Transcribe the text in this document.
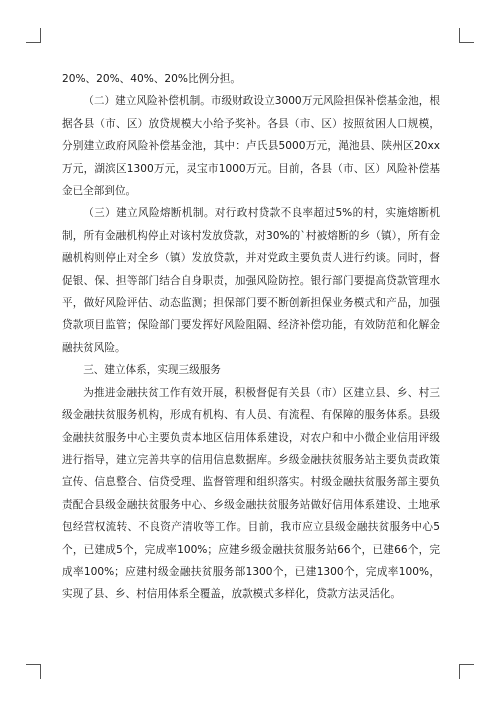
20%、20%、40%、20%比例分担。

（二）建立风险补偿机制。市级财政设立3000万元风险担保补偿基金池，根据各县（市、区）放贷规模大小给予奖补。各县（市、区）按照贫困人口规模，分别建立政府风险补偿基金池，其中：卢氏县5000万元，渑池县、陕州区20xx万元，湖滨区1300万元，灵宝市1000万元。目前，各县（市、区）风险补偿基金已全部到位。

（三）建立风险熔断机制。对行政村贷款不良率超过5%的村，实施熔断机制，所有金融机构停止对该村发放贷款，对30%的`村被熔断的乡（镇），所有金融机构则停止对全乡（镇）发放贷款，并对党政主要负责人进行约谈。同时，督促银、保、担等部门结合自身职责，加强风险防控。银行部门要提高贷款管理水平，做好风险评估、动态监测；担保部门要不断创新担保业务模式和产品，加强贷款项目监管；保险部门要发挥好风险阻隔、经济补偿功能，有效防范和化解金融扶贫风险。

三、建立体系，实现三级服务

为推进金融扶贫工作有效开展，积极督促有关县（市）区建立县、乡、村三级金融扶贫服务机构，形成有机构、有人员、有流程、有保障的服务体系。县级金融扶贫服务中心主要负责本地区信用体系建设，对农户和中小微企业信用评级进行指导，建立完善共享的信用信息数据库。乡级金融扶贫服务站主要负责政策宣传、信息整合、信贷受理、监督管理和组织落实。村级金融扶贫服务部主要负责配合县级金融扶贫服务中心、乡级金融扶贫服务站做好信用体系建设、土地承包经营权流转、不良资产清收等工作。目前，我市应立县级金融扶贫服务中心5个，已建成5个，完成率100%；应建乡级金融扶贫服务站66个，已建66个，完成率100%；应建村级金融扶贫服务部1300个，已建1300个，完成率100%，实现了县、乡、村信用体系全覆盖，放款模式多样化，贷款方法灵活化。
